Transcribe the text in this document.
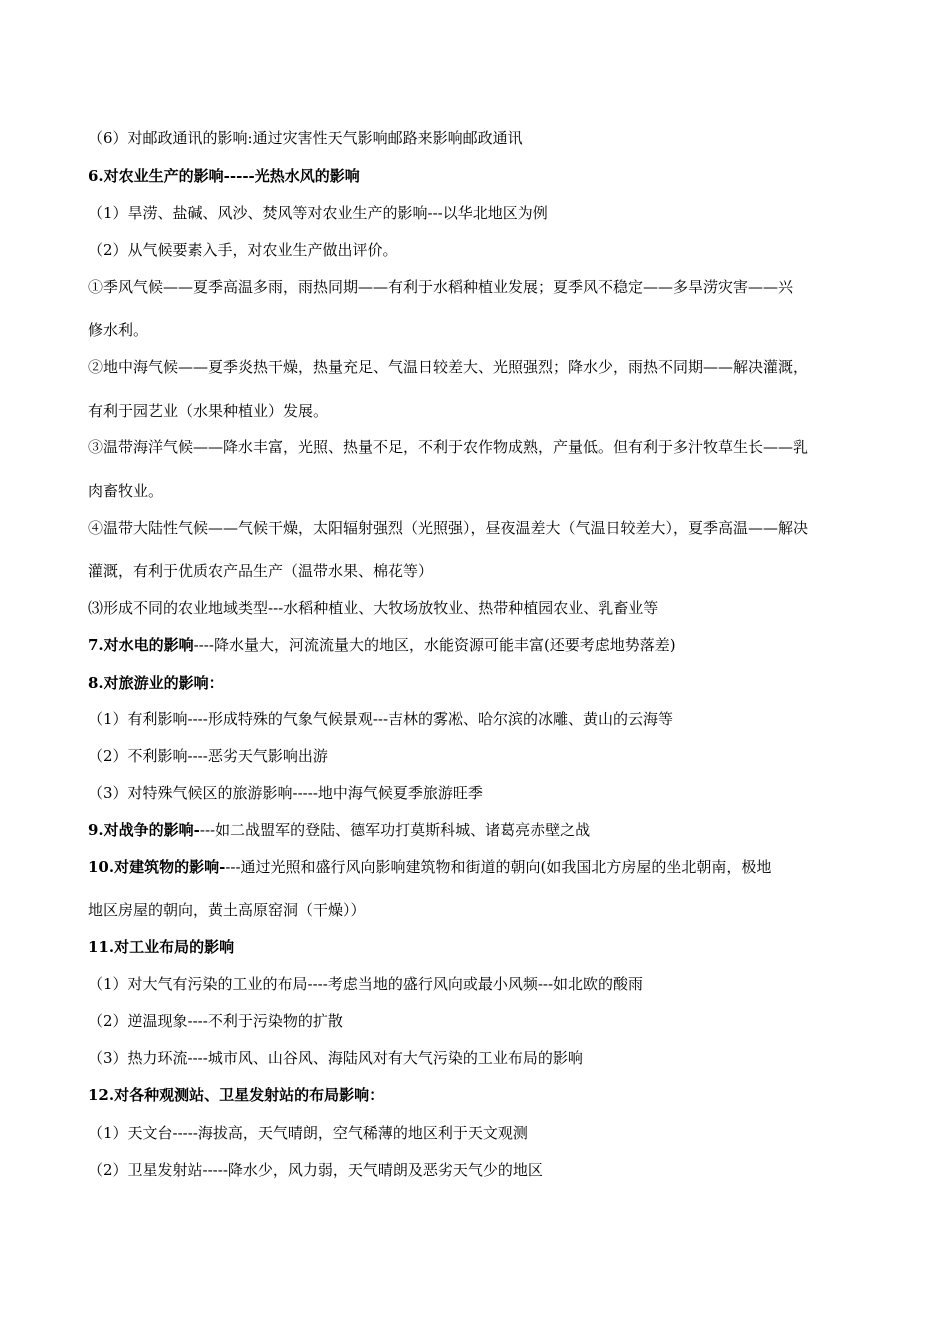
（6）对邮政通讯的影响:通过灾害性天气影响邮路来影响邮政通讯
6.对农业生产的影响-----光热水风的影响
（1）旱涝、盐碱、风沙、焚风等对农业生产的影响---以华北地区为例
（2）从气候要素入手，对农业生产做出评价。
①季风气候——夏季高温多雨，雨热同期——有利于水稻种植业发展；夏季风不稳定——多旱涝灾害——兴
修水利。
②地中海气候——夏季炎热干燥，热量充足、气温日较差大、光照强烈；降水少，雨热不同期——解决灌溉，
有利于园艺业（水果种植业）发展。
③温带海洋气候——降水丰富，光照、热量不足，不利于农作物成熟，产量低。但有利于多汁牧草生长——乳
肉畜牧业。
④温带大陆性气候——气候干燥，太阳辐射强烈（光照强），昼夜温差大（气温日较差大），夏季高温——解决
灌溉，有利于优质农产品生产（温带水果、棉花等）
⑶形成不同的农业地域类型---水稻种植业、大牧场放牧业、热带种植园农业、乳畜业等
7.对水电的影响----降水量大，河流流量大的地区，水能资源可能丰富(还要考虑地势落差)
8.对旅游业的影响：
（1）有利影响----形成特殊的气象气候景观---吉林的雾凇、哈尔滨的冰雕、黄山的云海等
（2）不利影响----恶劣天气影响出游
（3）对特殊气候区的旅游影响-----地中海气候夏季旅游旺季
9.对战争的影响----如二战盟军的登陆、德军功打莫斯科城、诸葛亮赤壁之战
10.对建筑物的影响----通过光照和盛行风向影响建筑物和街道的朝向(如我国北方房屋的坐北朝南，极地
地区房屋的朝向，黄土高原窑洞（干燥））
11.对工业布局的影响
（1）对大气有污染的工业的布局----考虑当地的盛行风向或最小风频---如北欧的酸雨
（2）逆温现象----不利于污染物的扩散
（3）热力环流----城市风、山谷风、海陆风对有大气污染的工业布局的影响
12.对各种观测站、卫星发射站的布局影响：
（1）天文台-----海拔高，天气晴朗，空气稀薄的地区利于天文观测
（2）卫星发射站-----降水少，风力弱，天气晴朗及恶劣天气少的地区
